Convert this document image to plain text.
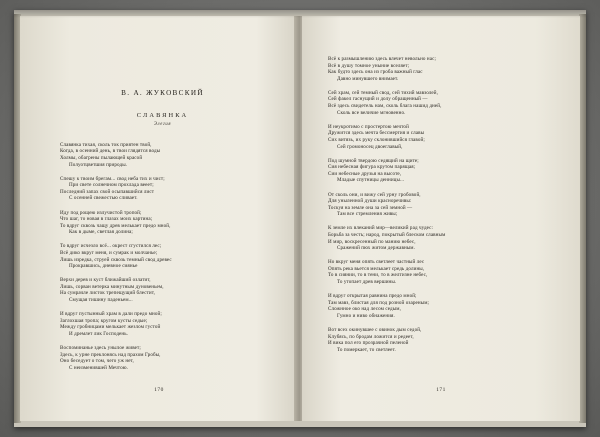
В. А. ЖУКОВСКИЙ
СЛАВЯНКА
Элегия
Славянка тихая, сколь ток приятен твой,
Когда, в осенний день, в твои глядятся воды
Холмы, обагрены пылающей красой
Полуотцветшия природы.
Спешу к твоим брегам... свод неба тих и чист;
При свете солнечном прохлада вееет;
Последний запах свой осыпавшийся лист
С осенней свежестью сливает.
Иду под рощею излучистой тропой;
Что шаг, то новая в глазах моих картина;
То вдруг сквозь чащу древ мелькает предо мной,
Как в дыме, светлая долина;
То вдруг исчезло всё... окрест сгустился лес;
Всё дико вкруг меня, и сумрак и молчанье;
Лишь изредка, струей сквозь темный свод древес
Прокравшись, дневное сиянье
Верхи дерев и куст ближайший озлатит,
Лишь, сорван ветерка минутным дуновеньем,
На сумрачле листок трепещущий блестит,
Смущая тишину паденьем...
И вдруг пустынный храм в дали предо мной;
Заглохшая тропа; кругом кусты седые;
Между гробницами мелькает жезлом густой
И дремлет лик Господень.
Воспоминанье здесь унылое живет;
Здесь, к урне преклонясь над прахом Гробы,
Оно беседует о том, чего уж нет,
С неизменившей Мечтою.
170
Всё к размышлению здесь влечет невольно нас;
Всё в душу томное уныние вселяет;
Как будто здесь она из гроба важный глас
Давно минувшего внимает.
Сей храм, сей темный свод, сей тихий мавзолей,
Сей факел гаснущий и долу обращенный —
Всё здесь свидетель нам, сколь блага нашид дней,
Сколь все величие мгновенно.
И неукротимо с простертою мечтой
Дружится здесь мечта бессмертия и славы
Сих витязь, их руку склонившийся главой;
Сей громоносец двоеглавый,
Под шумной твердою седящий на щите;
Сия небесная фигура крутом парящая;
Сии небесные друзья на высоте,
Младые спутницы денницы...
От сколь они, и вижу сей урну гробовой,
Для уныленной души красноречивы:
Тоскуя на земле она за сей земной —
Там все стремления живы;
К земле их влеканий мир—великий рад чудес:
Борьба за честь; народ, покрытый блеском славным
И мир, воскресенный по манию небес,
Сражений пюх житом державным.
Но вкруг меня опять светлеет частный лес
Опять река вьется мелькает средь долины,
То в сиянии, то в тени, то в желтизне небес,
То утопает древ вершины.
И вдруг открытая равнина предо мной;
Там мавз, блистая для под розной озареным;
Сложнное око над лесом седым,
Гумно и ниво обнажения.
Вот всех окинувшее с овинок дым седой,
Клубясь, по бродам ложится и редеет,
И вика пол его прозрачной пеленой
То померкает, то светлеет.
171
